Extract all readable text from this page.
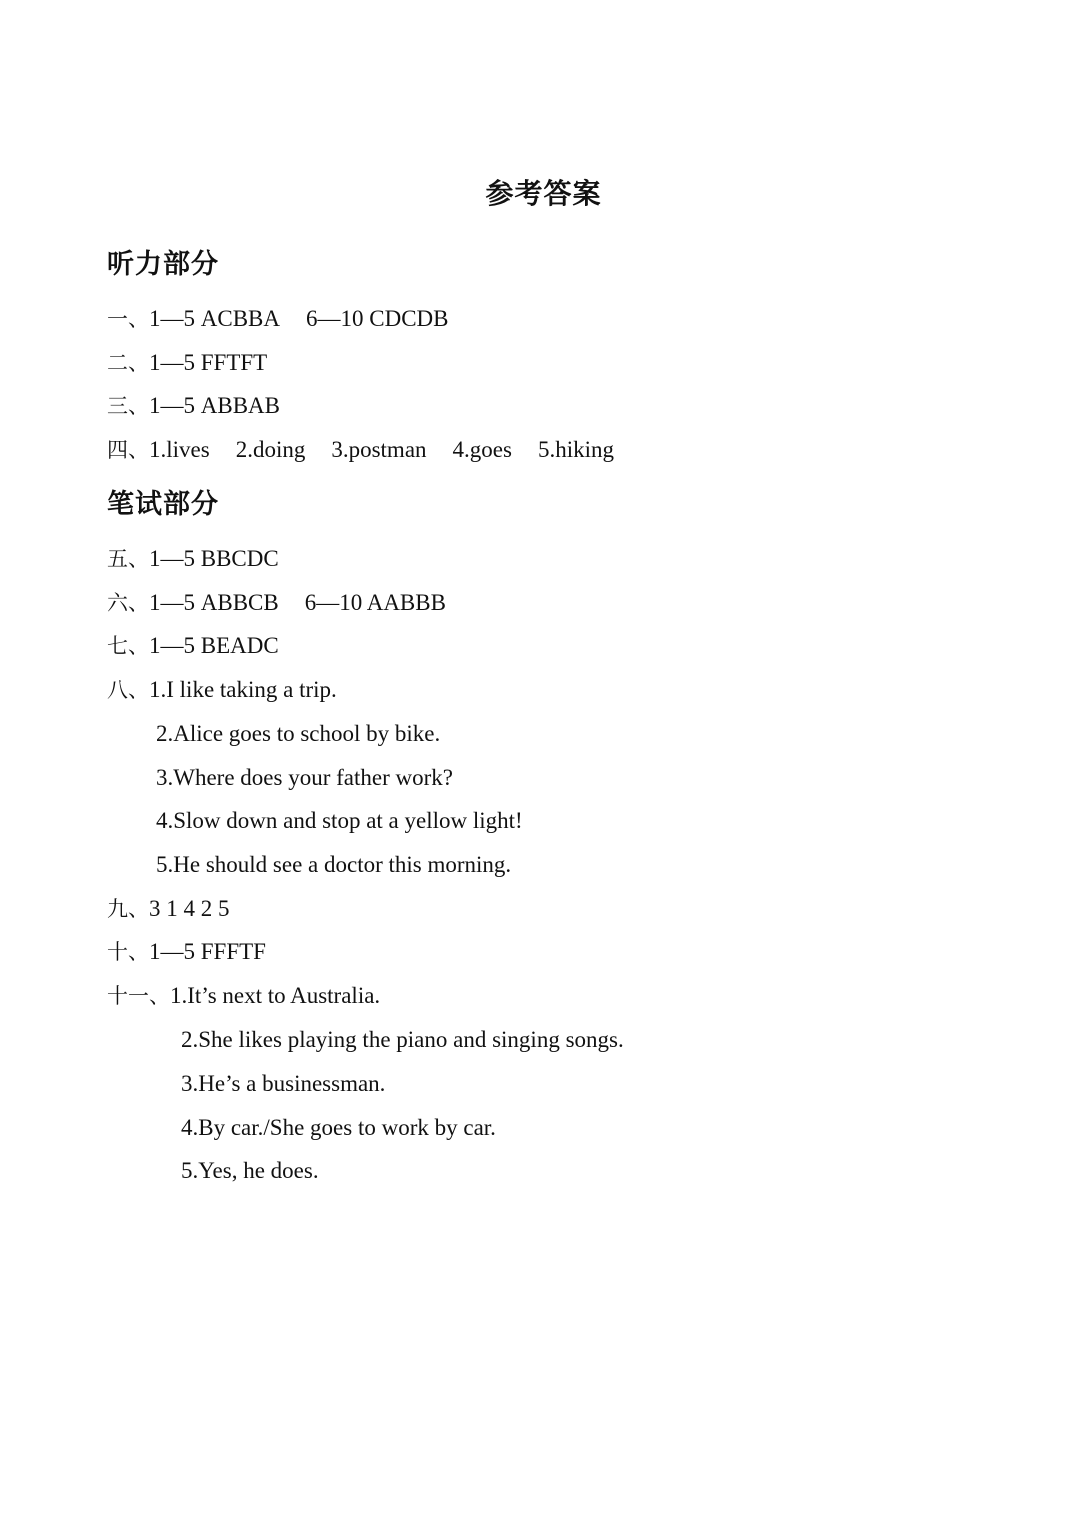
参考答案
听力部分
一、1—5 ACBBA 6—10 CDCDB
二、1—5 FFTFT
三、1—5 ABBAB
四、1.lives 2.doing 3.postman 4.goes 5.hiking
笔试部分
五、1—5 BBCDC
六、1—5 ABBCB 6—10 AABBB
七、1—5 BEADC
八、1.I like taking a trip.
2.Alice goes to school by bike.
3.Where does your father work?
4.Slow down and stop at a yellow light!
5.He should see a doctor this morning.
九、3 1 4 2 5
十、1—5 FFFTF
十一、1.It’s next to Australia.
2.She likes playing the piano and singing songs.
3.He’s a businessman.
4.By car./She goes to work by car.
5.Yes, he does.
